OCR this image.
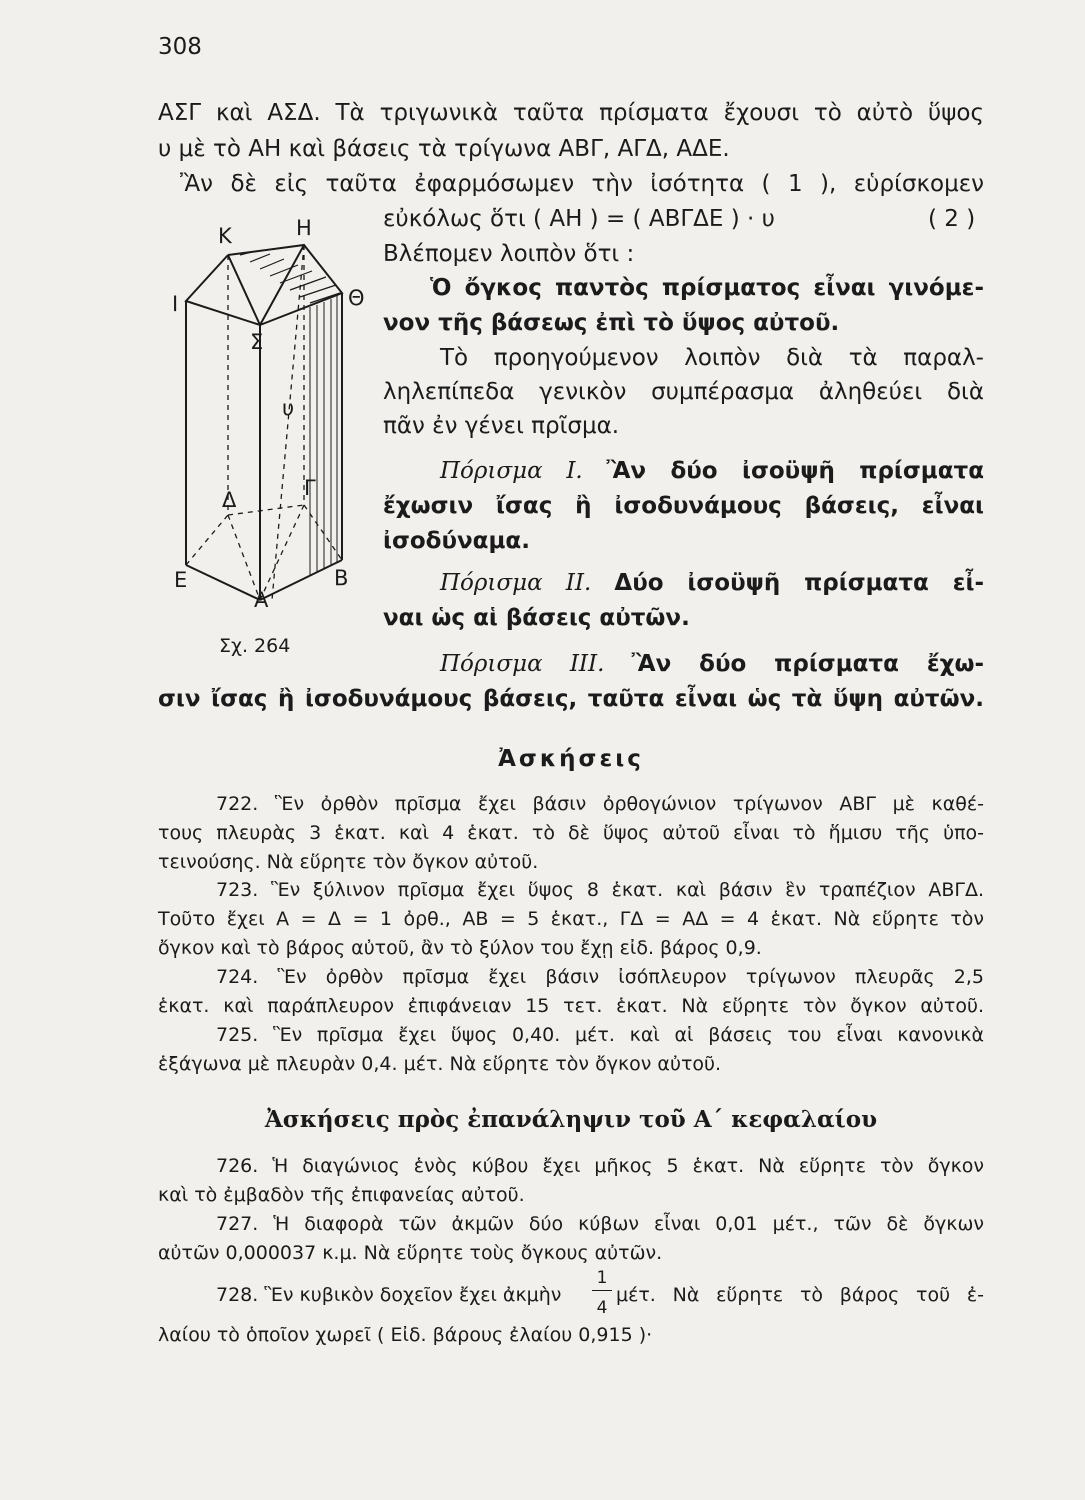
308
ΑΣΓ καὶ ΑΣΔ. Τὰ τριγωνικὰ ταῦτα πρίσματα ἔχουσι τὸ αὐτὸ ὕψος
υ μὲ τὸ ΑΗ καὶ βάσεις τὰ τρίγωνα ΑΒΓ, ΑΓΔ, ΑΔΕ.
Ἂν δὲ εἰς ταῦτα ἐφαρμόσωμεν τὴν ἰσότητα ( 1 ), εὑρίσκομεν
εὐκόλως ὅτι ( ΑΗ ) = ( ΑΒΓΔΕ ) · υ	( 2 )
Βλέπομεν λοιπὸν ὅτι :
Ὁ ὄγκος παντὸς πρίσματος εἶναι γινόμε-
νον τῆς βάσεως ἐπὶ τὸ ὕψος αὐτοῦ.
Τὸ προηγούμενον λοιπὸν διὰ τὰ παραλ-
ληλεπίπεδα γενικὸν συμπέρασμα ἀληθεύει διὰ
πᾶν ἐν γένει πρῖσμα.
Πόρισμα I. Ἂν δύο ἰσοϋψῆ πρίσματα
ἔχωσιν ἴσας ἢ ἰσοδυνάμους βάσεις, εἶναι
ἰσοδύναμα.
Πόρισμα II. Δύο ἰσοϋψῆ πρίσματα εἶ-
ναι ὡς αἱ βάσεις αὐτῶν.
Πόρισμα III. Ἂν δύο πρίσματα ἔχω-
σιν ἴσας ἢ ἰσοδυνάμους βάσεις, ταῦτα εἶναι ὡς τὰ ὕψη αὐτῶν.
Κ	Η
Ι	Θ
Σ
υ
Δ	Γ
Ε	Β
Α
Σχ. 264
Ἀσκήσεις
722. Ἓν ὀρθὸν πρῖσμα ἔχει βάσιν ὀρθογώνιον τρίγωνον ΑΒΓ μὲ καθέ-
τους πλευρὰς 3 ἑκατ. καὶ 4 ἑκατ. τὸ δὲ ὕψος αὐτοῦ εἶναι τὸ ἥμισυ τῆς ὑπο-
τεινούσης. Νὰ εὕρητε τὸν ὄγκον αὐτοῦ.
723. Ἓν ξύλινον πρῖσμα ἔχει ὕψος 8 ἑκατ. καὶ βάσιν ἓν τραπέζιον ΑΒΓΔ.
Τοῦτο ἔχει Α = Δ = 1 ὀρθ., ΑΒ = 5 ἑκατ., ΓΔ = ΑΔ = 4 ἑκατ. Νὰ εὕρητε τὸν
ὄγκον καὶ τὸ βάρος αὐτοῦ, ἂν τὸ ξύλον του ἔχῃ εἰδ. βάρος 0,9.
724. Ἓν ὀρθὸν πρῖσμα ἔχει βάσιν ἰσόπλευρον τρίγωνον πλευρᾶς 2,5
ἑκατ. καὶ παράπλευρον ἐπιφάνειαν 15 τετ. ἑκατ. Νὰ εὕρητε τὸν ὄγκον αὐτοῦ.
725. Ἓν πρῖσμα ἔχει ὕψος 0,40. μέτ. καὶ αἱ βάσεις του εἶναι κανονικὰ
ἑξάγωνα μὲ πλευρὰν 0,4. μέτ. Νὰ εὕρητε τὸν ὄγκον αὐτοῦ.
Ἀσκήσεις πρὸς ἐπανάληψιν τοῦ Α΄ κεφαλαίου
726. Ἡ διαγώνιος ἑνὸς κύβου ἔχει μῆκος 5 ἑκατ. Νὰ εὕρητε τὸν ὄγκον
καὶ τὸ ἐμβαδὸν τῆς ἐπιφανείας αὐτοῦ.
727. Ἡ διαφορὰ τῶν ἀκμῶν δύο κύβων εἶναι 0,01 μέτ., τῶν δὲ ὄγκων
αὐτῶν 0,000037 κ.μ. Νὰ εὕρητε τοὺς ὄγκους αὐτῶν.
728. Ἓν κυβικὸν δοχεῖον ἔχει ἀκμὴν
1
4
μέτ. Νὰ εὕρητε τὸ βάρος τοῦ ἐ-
λαίου τὸ ὁποῖον χωρεῖ ( Εἰδ. βάρους ἐλαίου 0,915 )·
